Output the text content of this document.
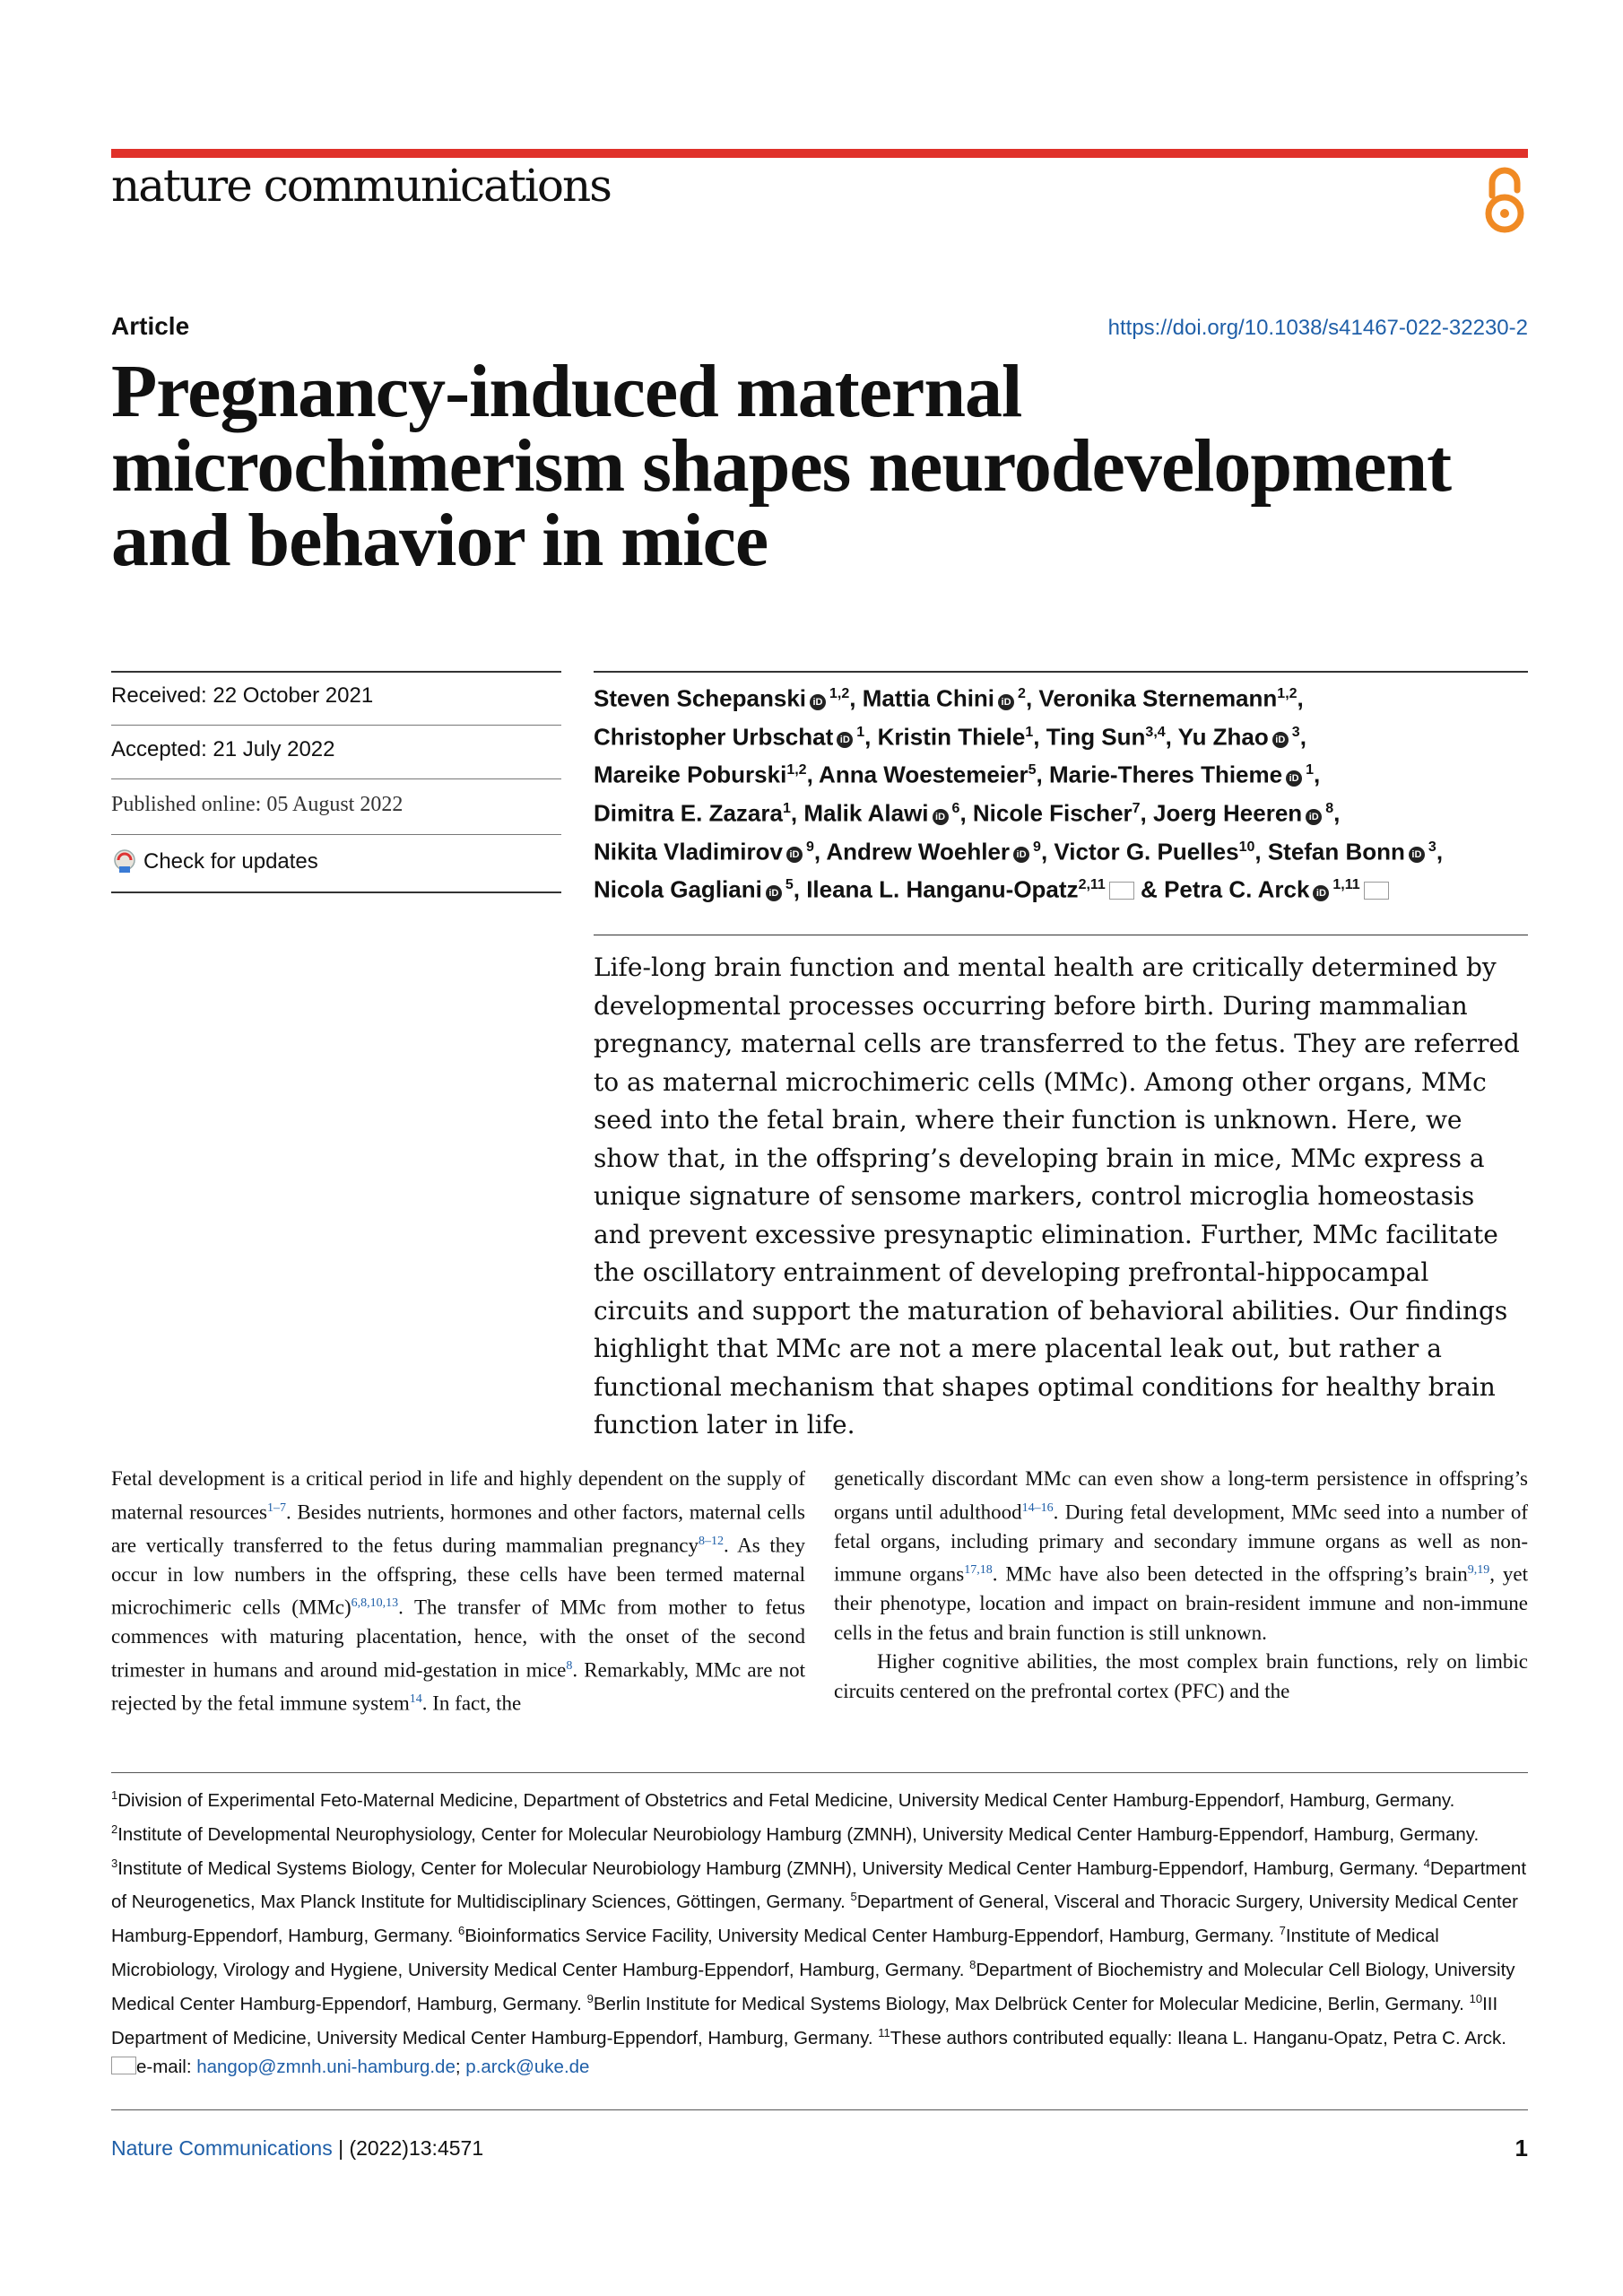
nature communications
Article	https://doi.org/10.1038/s41467-022-32230-2
Pregnancy-induced maternal microchimerism shapes neurodevelopment and behavior in mice
Received: 22 October 2021
Accepted: 21 July 2022
Published online: 05 August 2022
Check for updates
Steven Schepanski iD$^{1,2}$, Mattia Chini $iD^2$, Veronika Sternemann$^{1,2}$,
Christopher Urbschat $iD^1$, Kristin Thiele$^1$, Ting Sun$^{3,4}$, Yu Zhao $iD^3$,
Mareike Poburski$^{1,2}$, Anna Woestemeier$^5$, Marie-Theres Thieme $iD^1$,
Dimitra E. Zazara$^1$, Malik Alawi $iD^6$, Nicole Fischer$^7$, Joerg Heeren $iD^8$,
Nikita Vladimirov $iD^9$, Andrew Woehler $iD^9$, Victor G. Puelles$^{10}$, Stefan Bonn $iD^3$,
Nicola Gagliani $iD^5$, Ileana L. Hanganu-Opatz$^{2,11}$ & Petra C. Arck iD$^{1,11}$

Life-long brain function and mental health are critically determined by developmental processes occurring before birth. During mammalian pregnancy, maternal cells are transferred to the fetus. They are referred to as maternal microchimeric cells (MMc). Among other organs, MMc seed into the fetal brain, where their function is unknown. Here, we show that, in the offspring’s developing brain in mice, MMc express a unique signature of sensome markers, control microglia homeostasis and prevent excessive presynaptic elimination. Further, MMc facilitate the oscillatory entrainment of developing prefrontal-hippocampal circuits and support the maturation of behavioral abilities. Our findings highlight that MMc are not a mere placental leak out, but rather a functional mechanism that shapes optimal conditions for healthy brain function later in life.

Fetal development is a critical period in life and highly dependent on the supply of maternal resources$^{1-7}$. Besides nutrients, hormones and other factors, maternal cells are vertically transferred to the fetus during mammalian pregnancy$^{8-12}$. As they occur in low numbers in the offspring, these cells have been termed maternal microchimeric cells (MMc)$^{6,8,10,13}$. The transfer of MMc from mother to fetus commences with maturing placentation, hence, with the onset of the second trimester in humans and around mid-gestation in mice$^8$. Remarkably, MMc are not rejected by the fetal immune system$^{14}$. In fact, the

genetically discordant MMc can even show a long-term persistence in offspring’s organs until adulthood$^{14-16}$. During fetal development, MMc seed into a number of fetal organs, including primary and secondary immune organs as well as non-immune organs$^{17,18}$. MMc have also been detected in the offspring’s brain$^{9,19}$, yet their phenotype, location and impact on brain-resident immune and non-immune cells in the fetus and brain function is still unknown.

Higher cognitive abilities, the most complex brain functions, rely on limbic circuits centered on the prefrontal cortex (PFC) and the

$^1$Division of Experimental Feto-Maternal Medicine, Department of Obstetrics and Fetal Medicine, University Medical Center Hamburg-Eppendorf, Hamburg, Germany. $^2$Institute of Developmental Neurophysiology, Center for Molecular Neurobiology Hamburg (ZMNH), University Medical Center Hamburg-Eppendorf, Hamburg, Germany. $^3$Institute of Medical Systems Biology, Center for Molecular Neurobiology Hamburg (ZMNH), University Medical Center Hamburg-Eppendorf, Hamburg, Germany. $^4$Department of Neurogenetics, Max Planck Institute for Multidisciplinary Sciences, Göttingen, Germany. $^5$Department of General, Visceral and Thoracic Surgery, University Medical Center Hamburg-Eppendorf, Hamburg, Germany. $^6$Bioinformatics Service Facility, University Medical Center Hamburg-Eppendorf, Hamburg, Germany. $^7$Institute of Medical Microbiology, Virology and Hygiene, University Medical Center Hamburg-Eppendorf, Hamburg, Germany. $^8$Department of Biochemistry and Molecular Cell Biology, University Medical Center Hamburg-Eppendorf, Hamburg, Germany. $^9$Berlin Institute for Medical Systems Biology, Max Delbrück Center for Molecular Medicine, Berlin, Germany. $^{10}$III Department of Medicine, University Medical Center Hamburg-Eppendorf, Hamburg, Germany. $^{11}$These authors contributed equally: Ileana L. Hanganu-Opatz, Petra C. Arck.
e-mail: hangop@zmnh.uni-hamburg.de; p.arck@uke.de

Nature Communications | (2022)13:4571	1
